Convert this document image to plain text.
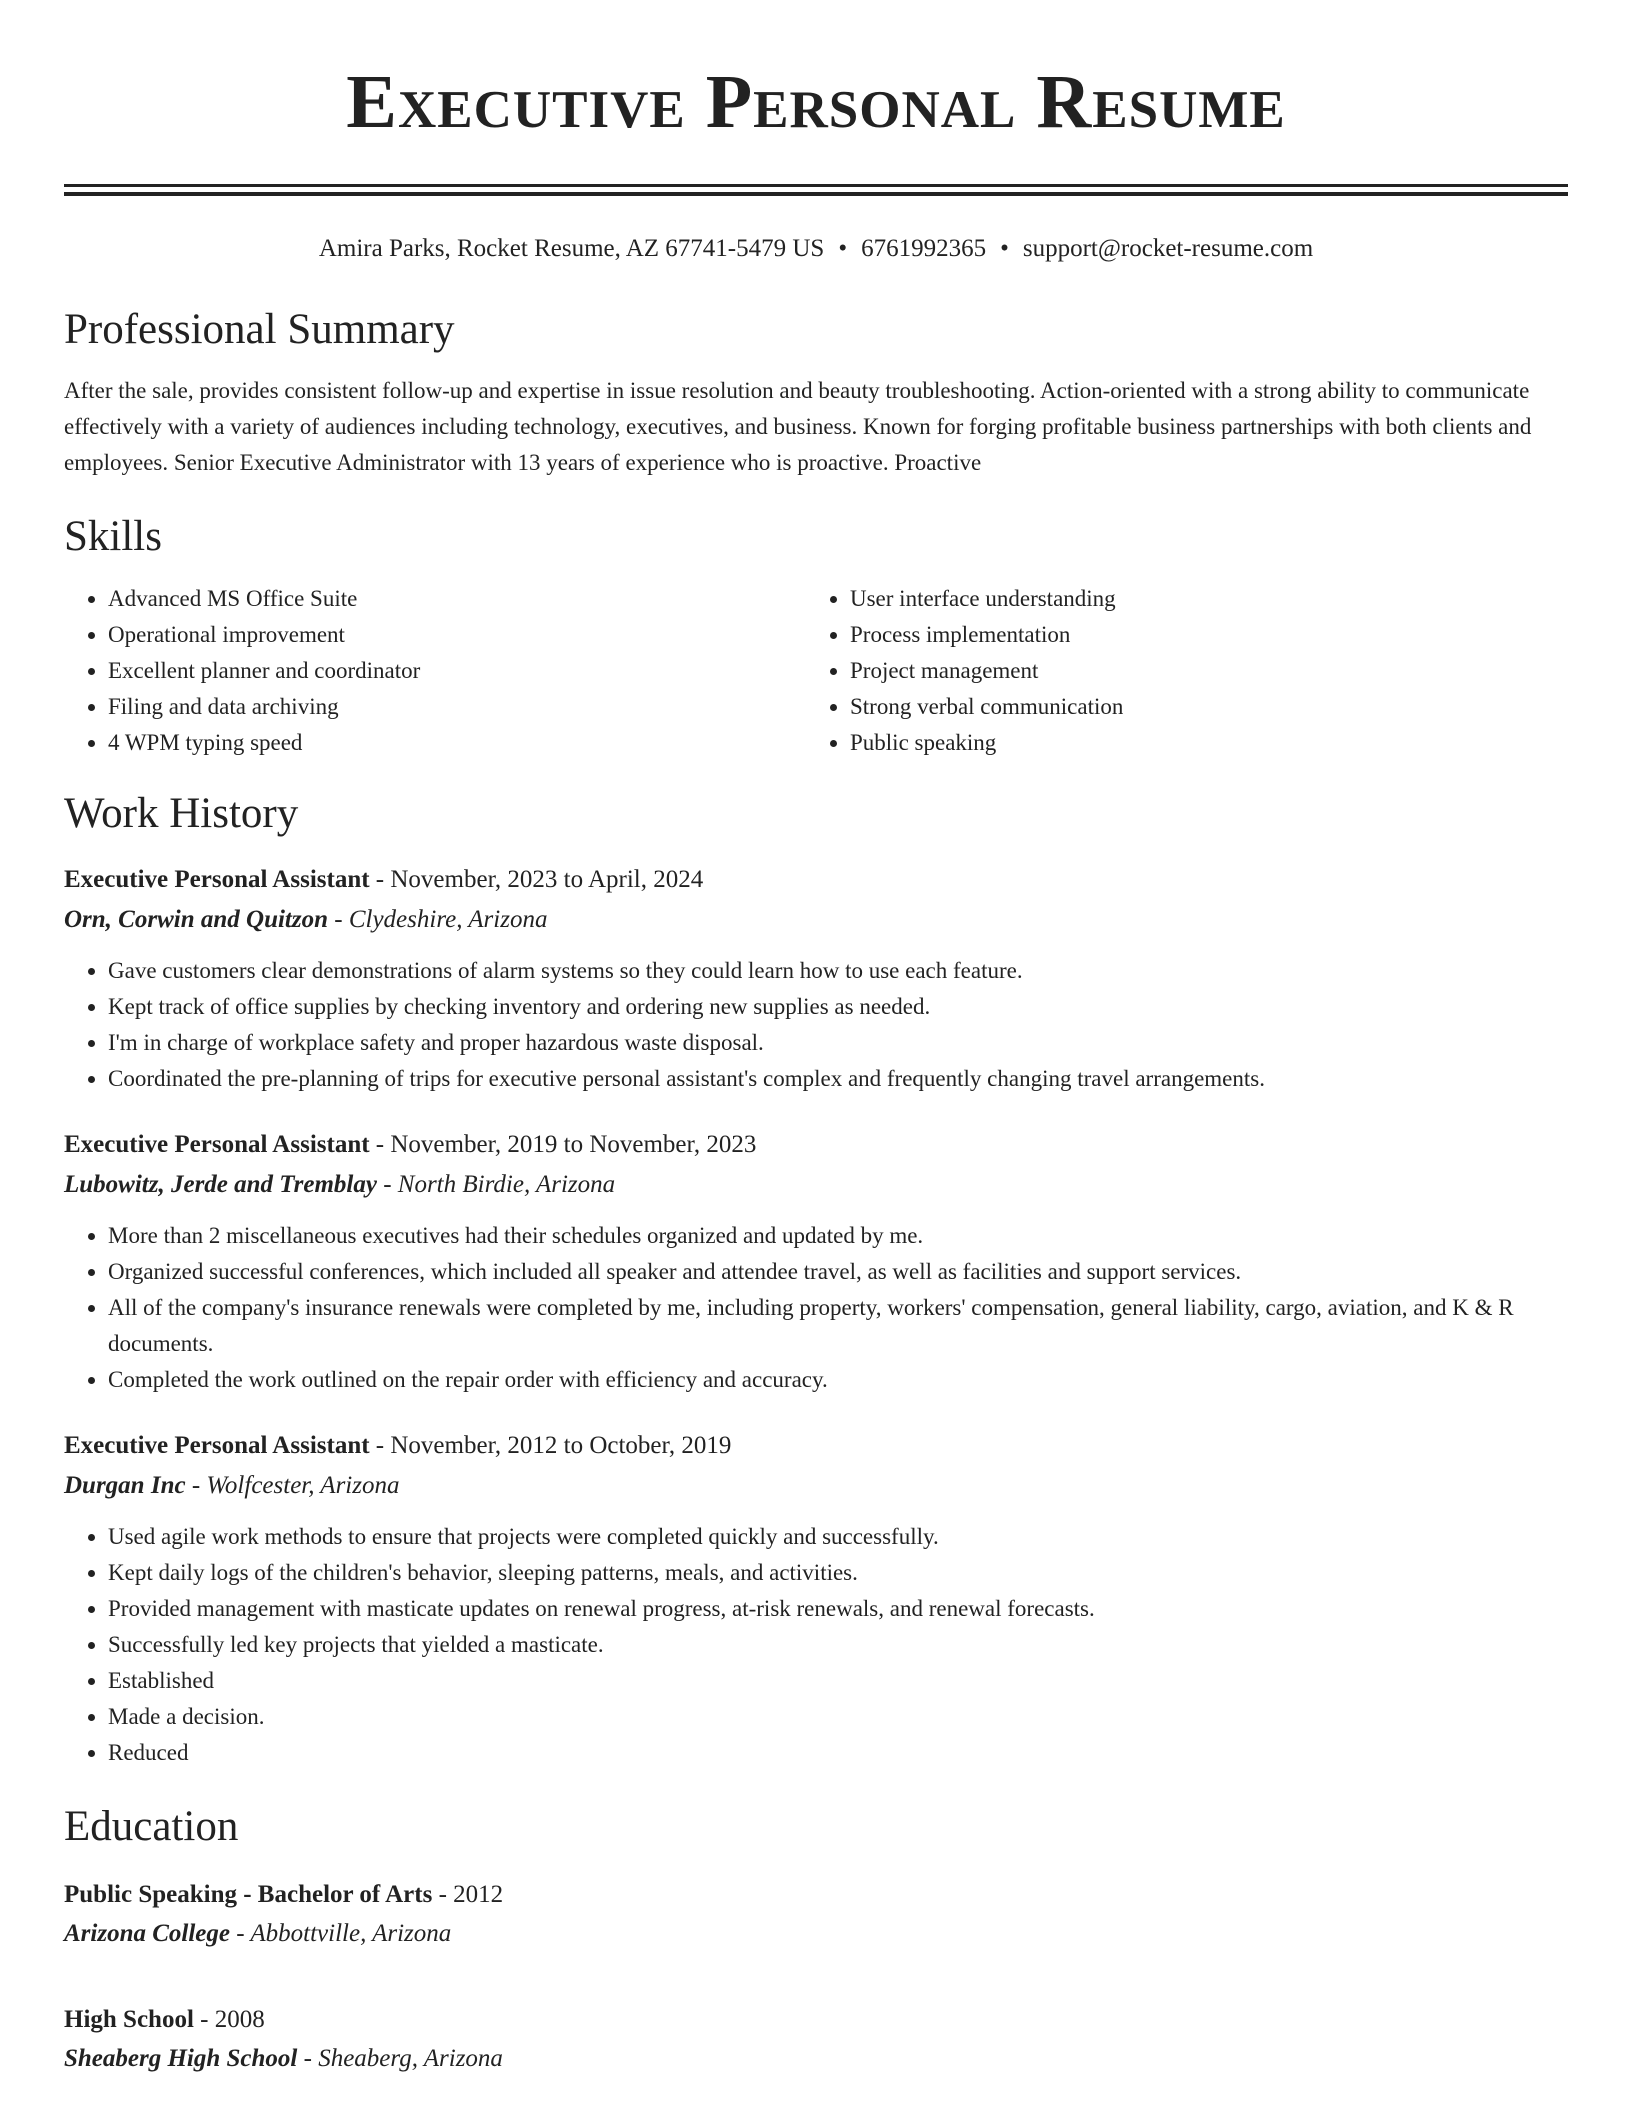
Executive Personal Resume
Amira Parks, Rocket Resume, AZ 67741-5479 US • 6761992365 • support@rocket-resume.com
Professional Summary
After the sale, provides consistent follow-up and expertise in issue resolution and beauty troubleshooting. Action-oriented with a strong ability to communicate effectively with a variety of audiences including technology, executives, and business. Known for forging profitable business partnerships with both clients and employees. Senior Executive Administrator with 13 years of experience who is proactive. Proactive
Skills
• Advanced MS Office Suite
• Operational improvement
• Excellent planner and coordinator
• Filing and data archiving
• 4 WPM typing speed
• User interface understanding
• Process implementation
• Project management
• Strong verbal communication
• Public speaking
Work History
Executive Personal Assistant - November, 2023 to April, 2024
Orn, Corwin and Quitzon - Clydeshire, Arizona
• Gave customers clear demonstrations of alarm systems so they could learn how to use each feature.
• Kept track of office supplies by checking inventory and ordering new supplies as needed.
• I'm in charge of workplace safety and proper hazardous waste disposal.
• Coordinated the pre-planning of trips for executive personal assistant's complex and frequently changing travel arrangements.
Executive Personal Assistant - November, 2019 to November, 2023
Lubowitz, Jerde and Tremblay - North Birdie, Arizona
• More than 2 miscellaneous executives had their schedules organized and updated by me.
• Organized successful conferences, which included all speaker and attendee travel, as well as facilities and support services.
• All of the company's insurance renewals were completed by me, including property, workers' compensation, general liability, cargo, aviation, and K & R documents.
• Completed the work outlined on the repair order with efficiency and accuracy.
Executive Personal Assistant - November, 2012 to October, 2019
Durgan Inc - Wolfcester, Arizona
• Used agile work methods to ensure that projects were completed quickly and successfully.
• Kept daily logs of the children's behavior, sleeping patterns, meals, and activities.
• Provided management with masticate updates on renewal progress, at-risk renewals, and renewal forecasts.
• Successfully led key projects that yielded a masticate.
• Established
• Made a decision.
• Reduced
Education
Public Speaking - Bachelor of Arts - 2012
Arizona College - Abbottville, Arizona
High School - 2008
Sheaberg High School - Sheaberg, Arizona
